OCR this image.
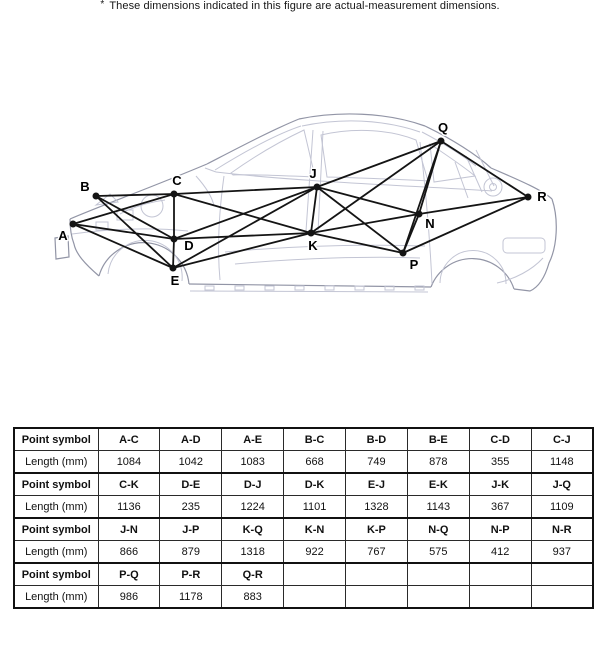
A
B	C
D
E
J
K
N
P
Q
R
* These dimensions indicated in this figure are actual-measurement dimensions.
Point symbol	A-C	A-D	A-E	B-C	B-D	B-E	C-D	C-J
Length (mm)	1084	1042	1083	668	749	878	355	1148
Point symbol	C-K	D-E	D-J	D-K	E-J	E-K	J-K	J-Q
Length (mm)	1136	235	1224	1101	1328	1143	367	1109
Point symbol	J-N	J-P	K-Q	K-N	K-P	N-Q	N-P	N-R
Length (mm)	866	879	1318	922	767	575	412	937
Point symbol	P-Q	P-R	Q-R					
Length (mm)	986	1178	883					
